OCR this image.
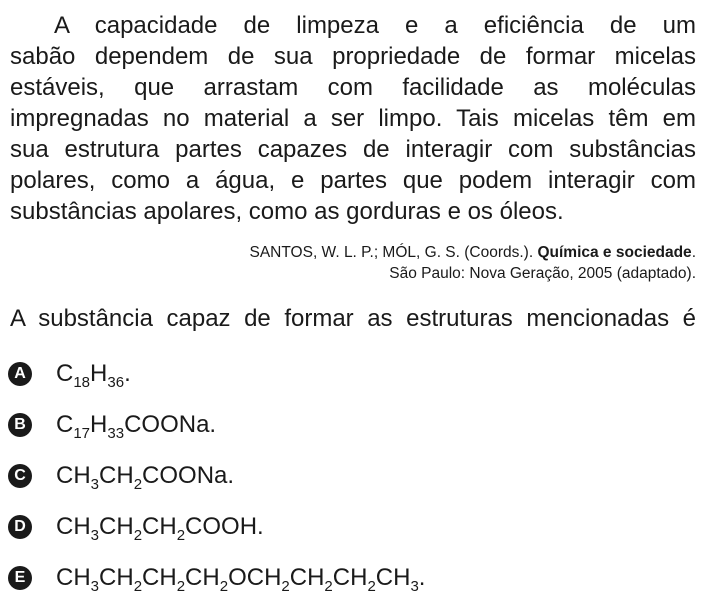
A capacidade de limpeza e a eficiência de um
sabão dependem de sua propriedade de formar micelas
estáveis, que arrastam com facilidade as moléculas
impregnadas no material a ser limpo. Tais micelas têm em
sua estrutura partes capazes de interagir com substâncias
polares, como a água, e partes que podem interagir com
substâncias apolares, como as gorduras e os óleos.
SANTOS, W. L. P.; MÓL, G. S. (Coords.). Química e sociedade.
São Paulo: Nova Geração, 2005 (adaptado).
A substância capaz de formar as estruturas mencionadas é
A $C_{18}H_{36}$.
B $C_{17}H_{33}COONa$.
C $CH_3CH_2COONa$.
D $CH_3CH_2CH_2COOH$.
E $CH_3CH_2CH_2CH_2OCH_2CH_2CH_2CH_3$.
